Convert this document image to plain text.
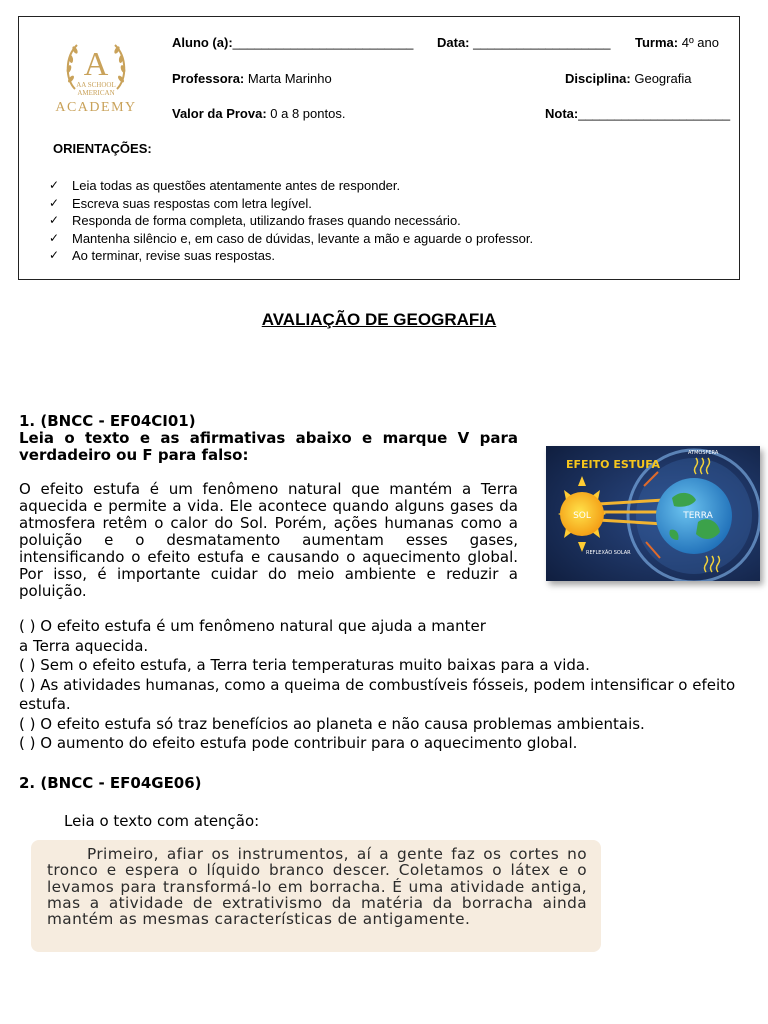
A
AA SCHOOL
AMERICAN
ACADEMY
Aluno (a):_________________________ Data: ___________________ Turma: 4º ano
Professora: Marta Marinho	Disciplina: Geografia
Valor da Prova: 0 a 8 pontos.	Nota:_____________________
ORIENTAÇÕES:
✓ Leia todas as questões atentamente antes de responder.
✓ Escreva suas respostas com letra legível.
✓ Responda de forma completa, utilizando frases quando necessário.
✓ Mantenha silêncio e, em caso de dúvidas, levante a mão e aguarde o professor.
✓ Ao terminar, revise suas respostas.
AVALIAÇÃO DE GEOGRAFIA
1. (BNCC - EF04CI01)
Leia o texto e as afirmativas abaixo e marque V para verdadeiro ou F para falso:
O efeito estufa é um fenômeno natural que mantém a Terra aquecida e permite a vida. Ele acontece quando alguns gases da atmosfera retêm o calor do Sol. Porém, ações humanas como a poluição e o desmatamento aumentam esses gases, intensificando o efeito estufa e causando o aquecimento global. Por isso, é importante cuidar do meio ambiente e reduzir a poluição.
SOL	TERRA
EFEITO ESTUFA
ATMOSFERA
REFLEXÃO SOLAR
( ) O efeito estufa é um fenômeno natural que ajuda a manter
a Terra aquecida.
( ) Sem o efeito estufa, a Terra teria temperaturas muito baixas para a vida.
( ) As atividades humanas, como a queima de combustíveis fósseis, podem intensificar o efeito estufa.
( ) O efeito estufa só traz benefícios ao planeta e não causa problemas ambientais.
( ) O aumento do efeito estufa pode contribuir para o aquecimento global.
2. (BNCC - EF04GE06)
Leia o texto com atenção:

Primeiro, afiar os instrumentos, aí a gente faz os cortes no tronco e espera o líquido branco descer. Coletamos o látex e o levamos para transformá-lo em borracha. É uma atividade antiga, mas a atividade de extrativismo da matéria da borracha ainda mantém as mesmas características de antigamente.
